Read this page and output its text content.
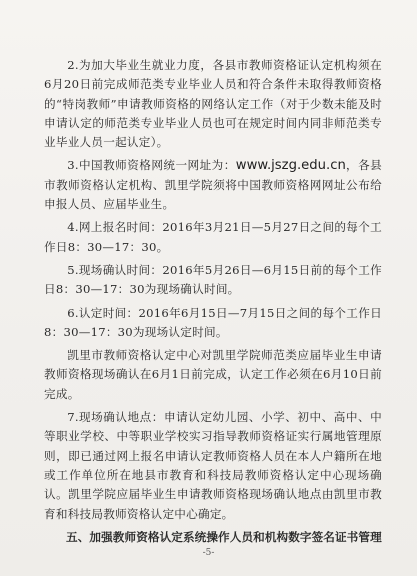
2.为加大毕业生就业力度，各县市教师资格证认定机构须在6月20日前完成师范类专业毕业人员和符合条件未取得教师资格的“特岗教师”申请教师资格的网络认定工作（对于少数未能及时申请认定的师范类专业毕业人员也可在规定时间内同非师范类专业毕业人员一起认定）。

3.中国教师资格网统一网址为：www.jszg.edu.cn，各县市教师资格认定机构、凯里学院须将中国教师资格网网址公布给申报人员、应届毕业生。

4.网上报名时间：2016年3月21日—5月27日之间的每个工作日8：30—17：30。

5.现场确认时间：2016年5月26日—6月15日前的每个工作日8：30—17：30为现场确认时间。

6.认定时间：2016年6月15日—7月15日之间的每个工作日8：30—17：30为现场认定时间。

凯里市教师资格认定中心对凯里学院师范类应届毕业生申请教师资格现场确认在6月1日前完成，认定工作必须在6月10日前完成。

7.现场确认地点：申请认定幼儿园、小学、初中、高中、中等职业学校、中等职业学校实习指导教师资格证实行属地管理原则，即已通过网上报名申请认定教师资格人员在本人户籍所在地或工作单位所在地县市教育和科技局教师资格认定中心现场确认。凯里学院应届毕业生申请教师资格现场确认地点由凯里市教育和科技局教师资格认定中心确定。

五、加强教师资格认定系统操作人员和机构数字签名证书管理

-5-
